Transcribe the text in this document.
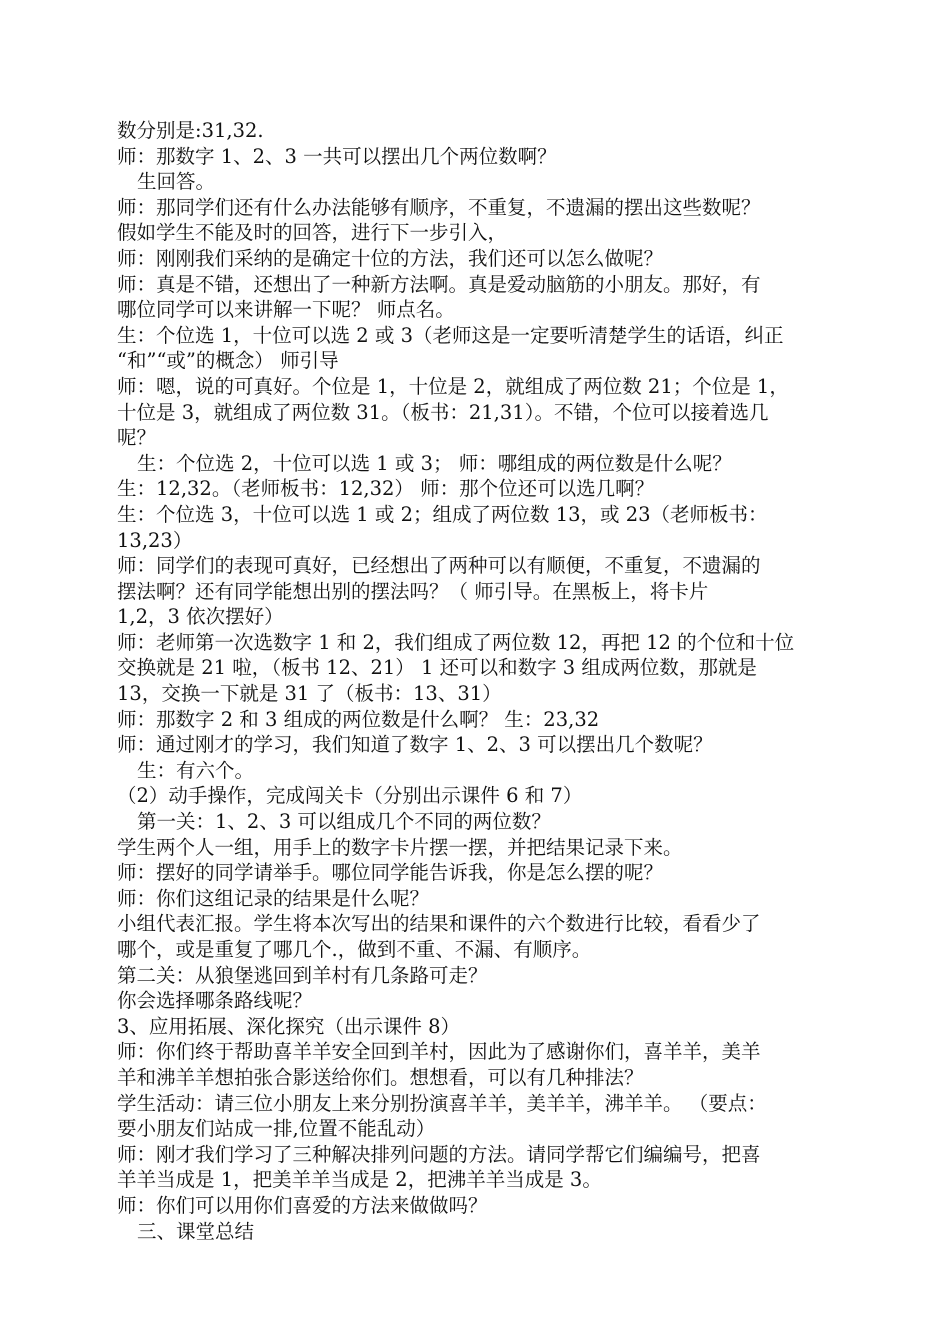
数分别是:31,32.
师：那数字 1、2、3 一共可以摆出几个两位数啊？
生回答。
师：那同学们还有什么办法能够有顺序，不重复，不遗漏的摆出这些数呢？
假如学生不能及时的回答，进行下一步引入，
师：刚刚我们采纳的是确定十位的方法，我们还可以怎么做呢？
师：真是不错，还想出了一种新方法啊。真是爱动脑筋的小朋友。那好，有
哪位同学可以来讲解一下呢？ 师点名。
生：个位选 1，十位可以选 2 或 3（老师这是一定要听清楚学生的话语，纠正
“和”“或”的概念） 师引导
师：嗯，说的可真好。个位是 1，十位是 2，就组成了两位数 21；个位是 1，
十位是 3，就组成了两位数 31。（板书：21,31）。不错，个位可以接着选几
呢？
生：个位选 2，十位可以选 1 或 3； 师：哪组成的两位数是什么呢？
生：12,32。（老师板书：12,32） 师：那个位还可以选几啊？
生：个位选 3，十位可以选 1 或 2；组成了两位数 13，或 23（老师板书：
13,23）
师：同学们的表现可真好，已经想出了两种可以有顺便，不重复，不遗漏的
摆法啊？还有同学能想出别的摆法吗？（ 师引导。在黑板上，将卡片
1,2，3 依次摆好）
师：老师第一次选数字 1 和 2，我们组成了两位数 12，再把 12 的个位和十位
交换就是 21 啦，（板书 12、21） 1 还可以和数字 3 组成两位数，那就是
13，交换一下就是 31 了（板书：13、31）
师：那数字 2 和 3 组成的两位数是什么啊？ 生：23,32
师：通过刚才的学习，我们知道了数字 1、2、3 可以摆出几个数呢？
生：有六个。
（2）动手操作，完成闯关卡（分别出示课件 6 和 7）
第一关：1、2、3 可以组成几个不同的两位数？
学生两个人一组，用手上的数字卡片摆一摆，并把结果记录下来。
师：摆好的同学请举手。哪位同学能告诉我，你是怎么摆的呢？
师：你们这组记录的结果是什么呢？
小组代表汇报。学生将本次写出的结果和课件的六个数进行比较，看看少了
哪个，或是重复了哪几个.，做到不重、不漏、有顺序。
第二关：从狼堡逃回到羊村有几条路可走？
你会选择哪条路线呢？
3、应用拓展、深化探究（出示课件 8）
师：你们终于帮助喜羊羊安全回到羊村，因此为了感谢你们，喜羊羊，美羊
羊和沸羊羊想拍张合影送给你们。想想看，可以有几种排法？
学生活动：请三位小朋友上来分别扮演喜羊羊，美羊羊，沸羊羊。 （要点：
要小朋友们站成一排,位置不能乱动）
师：刚才我们学习了三种解决排列问题的方法。请同学帮它们编编号，把喜
羊羊当成是 1，把美羊羊当成是 2，把沸羊羊当成是 3。
师：你们可以用你们喜爱的方法来做做吗？
三、课堂总结
